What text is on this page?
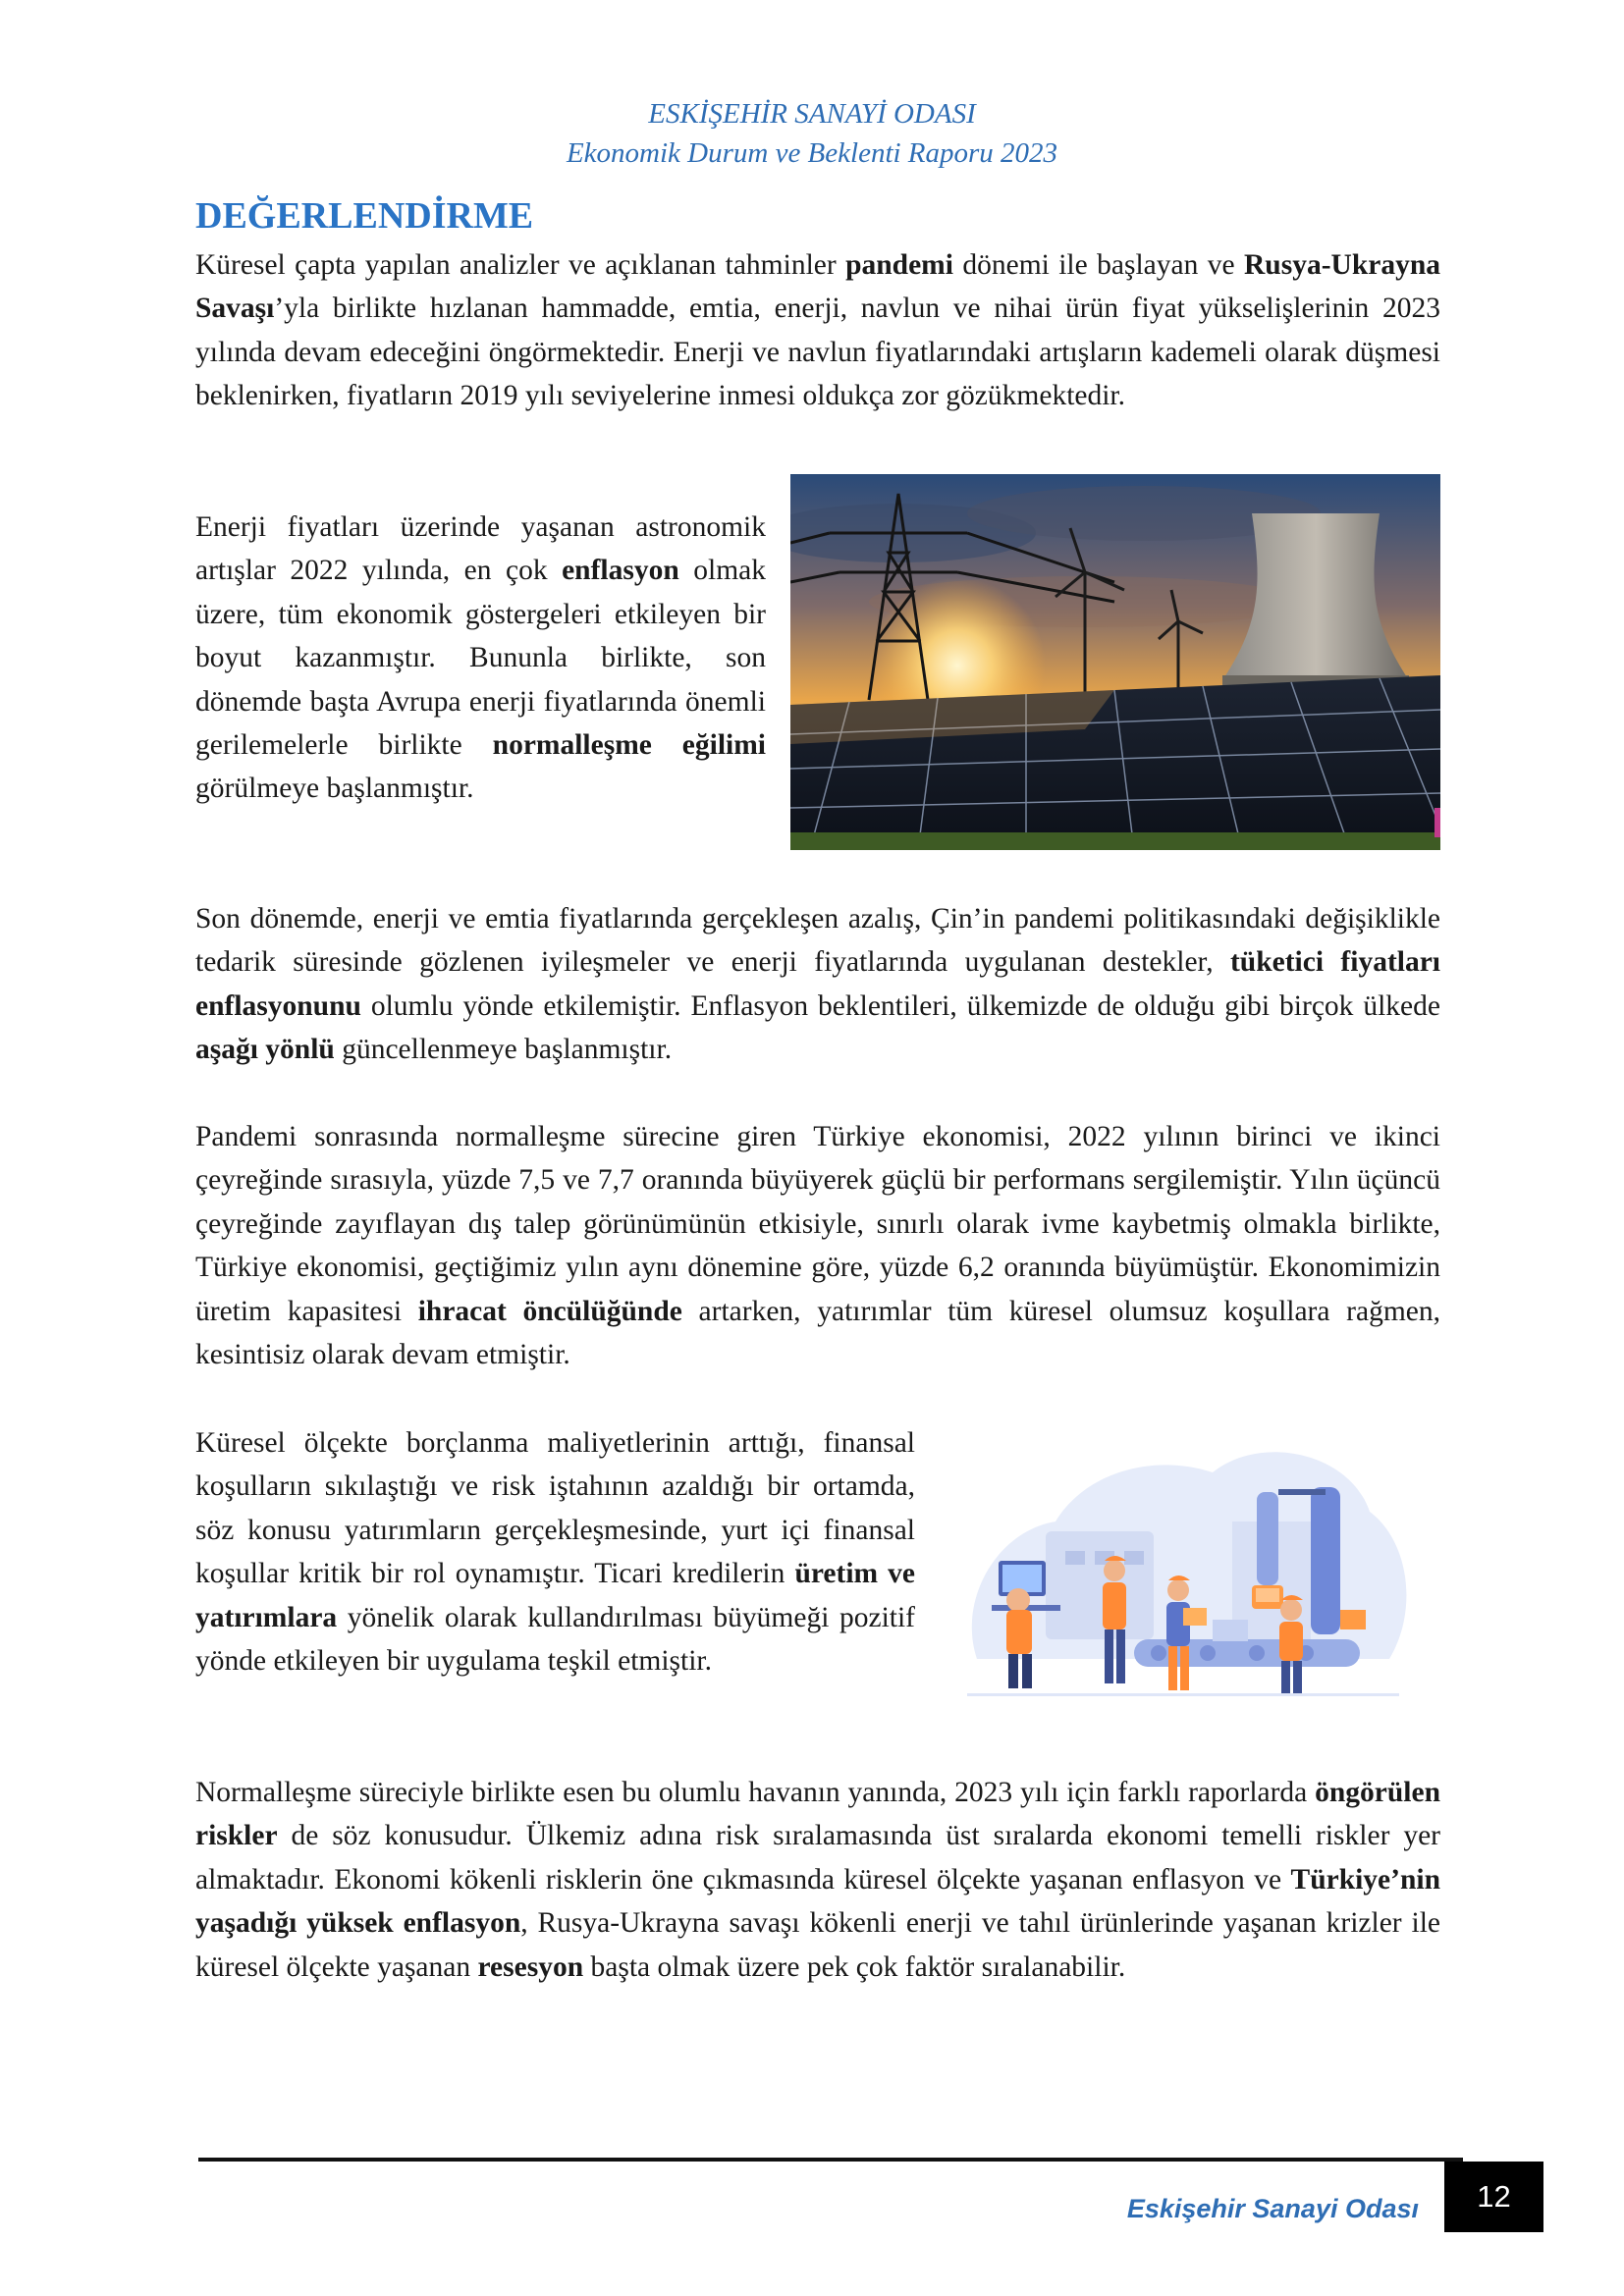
ESKİŞEHİR SANAYİ ODASI
Ekonomik Durum ve Beklenti Raporu 2023
DEĞERLENDİRME

Küresel çapta yapılan analizler ve açıklanan tahminler pandemi dönemi ile başlayan ve Rusya-Ukrayna Savaşı’yla birlikte hızlanan hammadde, emtia, enerji, navlun ve nihai ürün fiyat yükselişlerinin 2023 yılında devam edeceğini öngörmektedir. Enerji ve navlun fiyatlarındaki artışların kademeli olarak düşmesi beklenirken, fiyatların 2019 yılı seviyelerine inmesi oldukça zor gözükmektedir.

Enerji fiyatları üzerinde yaşanan astronomik artışlar 2022 yılında, en çok enflasyon olmak üzere, tüm ekonomik göstergeleri etkileyen bir boyut kazanmıştır. Bununla birlikte, son dönemde başta Avrupa enerji fiyatlarında önemli gerilemelerle birlikte normalleşme eğilimi görülmeye başlanmıştır.

Son dönemde, enerji ve emtia fiyatlarında gerçekleşen azalış, Çin’in pandemi politikasındaki değişiklikle tedarik süresinde gözlenen iyileşmeler ve enerji fiyatlarında uygulanan destekler, tüketici fiyatları enflasyonunu olumlu yönde etkilemiştir. Enflasyon beklentileri, ülkemizde de olduğu gibi birçok ülkede aşağı yönlü güncellenmeye başlanmıştır.

Pandemi sonrasında normalleşme sürecine giren Türkiye ekonomisi, 2022 yılının birinci ve ikinci çeyreğinde sırasıyla, yüzde 7,5 ve 7,7 oranında büyüyerek güçlü bir performans sergilemiştir. Yılın üçüncü çeyreğinde zayıflayan dış talep görünümünün etkisiyle, sınırlı olarak ivme kaybetmiş olmakla birlikte, Türkiye ekonomisi, geçtiğimiz yılın aynı dönemine göre, yüzde 6,2 oranında büyümüştür. Ekonomimizin üretim kapasitesi ihracat öncülüğünde artarken, yatırımlar tüm küresel olumsuz koşullara rağmen, kesintisiz olarak devam etmiştir.

Küresel ölçekte borçlanma maliyetlerinin arttığı, finansal koşulların sıkılaştığı ve risk iştahının azaldığı bir ortamda, söz konusu yatırımların gerçekleşmesinde, yurt içi finansal koşullar kritik bir rol oynamıştır. Ticari kredilerin üretim ve yatırımlara yönelik olarak kullandırılması büyümeği pozitif yönde etkileyen bir uygulama teşkil etmiştir.

Normalleşme süreciyle birlikte esen bu olumlu havanın yanında, 2023 yılı için farklı raporlarda öngörülen riskler de söz konusudur. Ülkemiz adına risk sıralamasında üst sıralarda ekonomi temelli riskler yer almaktadır. Ekonomi kökenli risklerin öne çıkmasında küresel ölçekte yaşanan enflasyon ve Türkiye’nin yaşadığı yüksek enflasyon, Rusya-Ukrayna savaşı kökenli enerji ve tahıl ürünlerinde yaşanan krizler ile küresel ölçekte yaşanan resesyon başta olmak üzere pek çok faktör sıralanabilir.

Eskişehir Sanayi Odası	12
